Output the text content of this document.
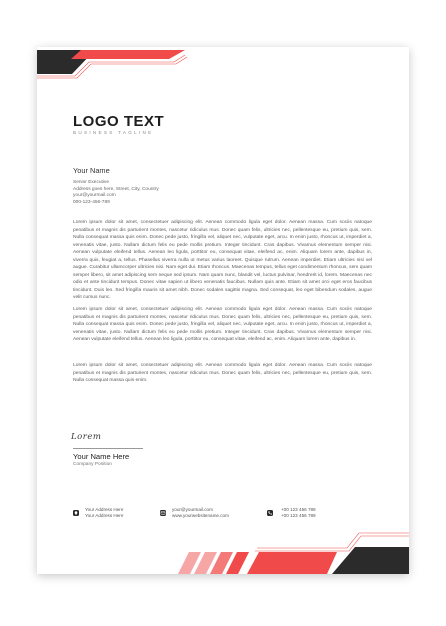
LOGO TEXT
BUSINESS TAGLINE
Your Name
Senior Executive
Address goes here, Street, City, Country
your@yourmail.com
000-123-456-789
Lorem ipsum dolor sit amet, consectetuer adipiscing elit. Aenean commodo ligula eget dolor. Aenean massa. Cum sociis natoque penatibus et magnis dis parturient montes, nascetur ridiculus mus. Donec quam felis, ultricies nec, pellentesque eu, pretium quis, sem. Nulla consequat massa quis enim. Donec pede justo, fringilla vel, aliquet nec, vulputate eget, arcu. In enim justo, rhoncus ut, imperdiet a, venenatis vitae, justo. Nullam dictum felis eu pede mollis pretium. Integer tincidunt. Cras dapibus. Vivamus elementum semper nisi. Aenean vulputate eleifend tellus. Aenean leo ligula, porttitor eu, consequat vitae, eleifend ac, enim. Aliquam lorem ante, dapibus in, viverra quis, feugiat a, tellus. Phasellus viverra nulla ut metus varius laoreet. Quisque rutrum. Aenean imperdiet. Etiam ultricies nisi vel augue. Curabitur ullamcorper ultricies nisi. Nam eget dui. Etiam rhoncus. Maecenas tempus, tellus eget condimentum rhoncus, sem quam semper libero, sit amet adipiscing sem neque sed ipsum. Nam quam nunc, blandit vel, luctus pulvinar, hendrerit id, lorem. Maecenas nec odio et ante tincidunt tempus. Donec vitae sapien ut libero venenatis faucibus. Nullam quis ante. Etiam sit amet orci eget eros faucibus tincidunt. Duis leo. Sed fringilla mauris sit amet nibh. Donec sodales sagittis magna. Sed consequat, leo eget bibendum sodales, augue velit cursus nunc.
Lorem ipsum dolor sit amet, consectetuer adipiscing elit. Aenean commodo ligula eget dolor. Aenean massa. Cum sociis natoque penatibus et magnis dis parturient montes, nascetur ridiculus mus. Donec quam felis, ultricies nec, pellentesque eu, pretium quis, sem. Nulla consequat massa quis enim. Donec pede justo, fringilla vel, aliquet nec, vulputate eget, arcu. In enim justo, rhoncus ut, imperdiet a, venenatis vitae, justo. Nullam dictum felis eu pede mollis pretium. Integer tincidunt. Cras dapibus. Vivamus elementum semper nisi. Aenean vulputate eleifend tellus. Aenean leo ligula, porttitor eu, consequat vitae, eleifend ac, enim. Aliquam lorem ante, dapibus in.
Lorem ipsum dolor sit amet, consectetuer adipiscing elit. Aenean commodo ligula eget dolor. Aenean massa. Cum sociis natoque penatibus et magnis dis parturient montes, nascetur ridiculus mus. Donec quam felis, ultricies nec, pellentesque eu, pretium quis, sem. Nulla consequat massa quis enim.
Lorem
Your Name Here
Company Position
Your Address Here
Your Address Here
your@yourmail.com
www.yourwebsitename.com
+00 123 456 789
+00 123 456 789
